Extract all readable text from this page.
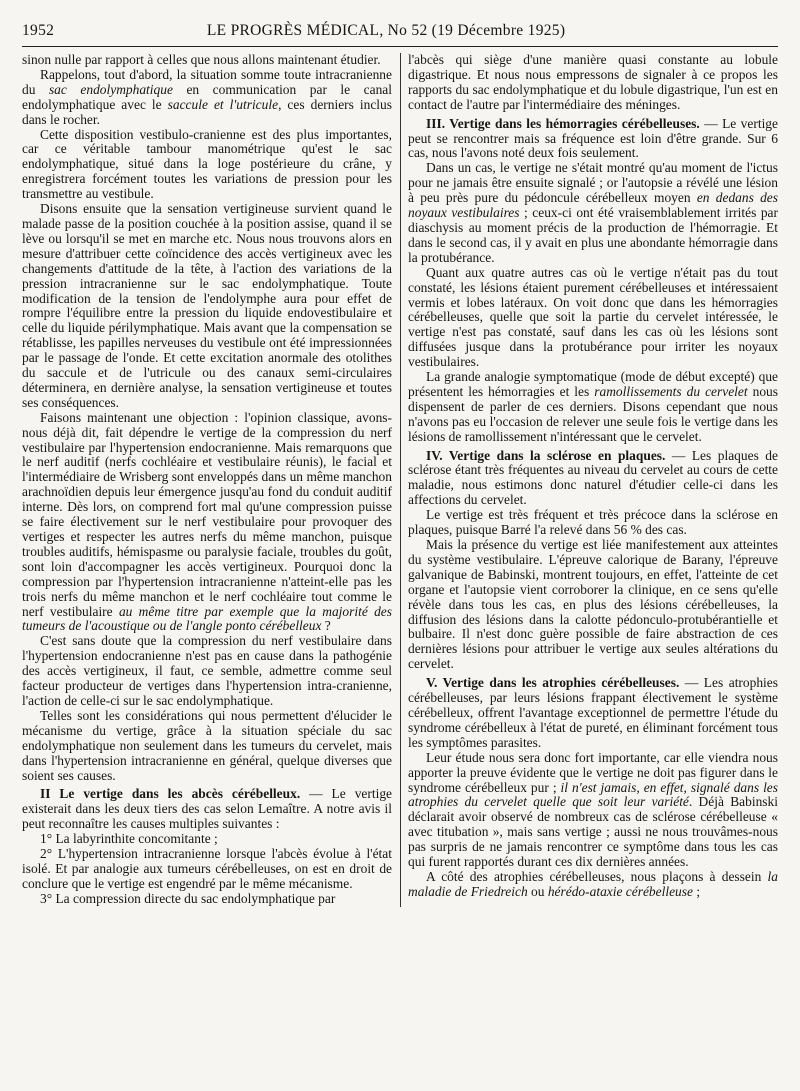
1952	LE PROGRÈS MÉDICAL, No 52 (19 Décembre 1925)

sinon nulle par rapport à celles que nous allons maintenant étudier.

Rappelons, tout d'abord, la situation somme toute intracranienne du sac endolymphatique en communication par le canal endolymphatique avec le saccule et l'utricule, ces derniers inclus dans le rocher.

Cette disposition vestibulo-cranienne est des plus importantes, car ce véritable tambour manométrique qu'est le sac endolymphatique, situé dans la loge postérieure du crâne, y enregistrera forcément toutes les variations de pression pour les transmettre au vestibule.

Disons ensuite que la sensation vertigineuse survient quand le malade passe de la position couchée à la position assise, quand il se lève ou lorsqu'il se met en marche etc. Nous nous trouvons alors en mesure d'attribuer cette coïncidence des accès vertigineux avec les changements d'attitude de la tête, à l'action des variations de la pression intracranienne sur le sac endolymphatique. Toute modification de la tension de l'endolymphe aura pour effet de rompre l'équilibre entre la pression du liquide endovestibulaire et celle du liquide périlymphatique. Mais avant que la compensation se rétablisse, les papilles nerveuses du vestibule ont été impressionnées par le passage de l'onde. Et cette excitation anormale des otolithes du saccule et de l'utricule ou des canaux semi-circulaires déterminera, en dernière analyse, la sensation vertigineuse et toutes ses conséquences.

Faisons maintenant une objection : l'opinion classique, avons-nous déjà dit, fait dépendre le vertige de la compression du nerf vestibulaire par l'hypertension endocranienne. Mais remarquons que le nerf auditif (nerfs cochléaire et vestibulaire réunis), le facial et l'intermédiaire de Wrisberg sont enveloppés dans un même manchon arachnoïdien depuis leur émergence jusqu'au fond du conduit auditif interne. Dès lors, on comprend fort mal qu'une compression puisse se faire électivement sur le nerf vestibulaire pour provoquer des vertiges et respecter les autres nerfs du même manchon, puisque troubles auditifs, hémispasme ou paralysie faciale, troubles du goût, sont loin d'accompagner les accès vertigineux. Pourquoi donc la compression par l'hypertension intracranienne n'atteint-elle pas les trois nerfs du même manchon et le nerf cochléaire tout comme le nerf vestibulaire au même titre par exemple que la majorité des tumeurs de l'acoustique ou de l'angle ponto cérébelleux ?

C'est sans doute que la compression du nerf vestibulaire dans l'hypertension endocranienne n'est pas en cause dans la pathogénie des accès vertigineux, il faut, ce semble, admettre comme seul facteur producteur de vertiges dans l'hypertension intra-cranienne, l'action de celle-ci sur le sac endolymphatique.

Telles sont les considérations qui nous permettent d'élucider le mécanisme du vertige, grâce à la situation spéciale du sac endolymphatique non seulement dans les tumeurs du cervelet, mais dans l'hypertension intracranienne en général, quelque diverses que soient ses causes.

II Le vertige dans les abcès cérébelleux. — Le vertige existerait dans les deux tiers des cas selon Lemaître. A notre avis il peut reconnaître les causes multiples suivantes :

1° La labyrinthite concomitante ;

2° L'hypertension intracranienne lorsque l'abcès évolue à l'état isolé. Et par analogie aux tumeurs cérébelleuses, on est en droit de conclure que le vertige est engendré par le même mécanisme.

3° La compression directe du sac endolymphatique par

l'abcès qui siège d'une manière quasi constante au lobule digastrique. Et nous nous empressons de signaler à ce propos les rapports du sac endolymphatique et du lobule digastrique, l'un est en contact de l'autre par l'intermédiaire des méninges.

III. Vertige dans les hémorragies cérébelleuses. — Le vertige peut se rencontrer mais sa fréquence est loin d'être grande. Sur 6 cas, nous l'avons noté deux fois seulement.

Dans un cas, le vertige ne s'était montré qu'au moment de l'ictus pour ne jamais être ensuite signalé ; or l'autopsie a révélé une lésion à peu près pure du pédoncule cérébelleux moyen en dedans des noyaux vestibulaires ; ceux-ci ont été vraisemblablement irrités par diaschysis au moment précis de la production de l'hémorragie. Et dans le second cas, il y avait en plus une abondante hémorragie dans la protubérance.

Quant aux quatre autres cas où le vertige n'était pas du tout constaté, les lésions étaient purement cérébelleuses et intéressaient vermis et lobes latéraux. On voit donc que dans les hémorragies cérébelleuses, quelle que soit la partie du cervelet intéressée, le vertige n'est pas constaté, sauf dans les cas où les lésions sont diffusées jusque dans la protubérance pour irriter les noyaux vestibulaires.

La grande analogie symptomatique (mode de début excepté) que présentent les hémorragies et les ramollissements du cervelet nous dispensent de parler de ces derniers. Disons cependant que nous n'avons pas eu l'occasion de relever une seule fois le vertige dans les lésions de ramollissement n'intéressant que le cervelet.

IV. Vertige dans la sclérose en plaques. — Les plaques de sclérose étant très fréquentes au niveau du cervelet au cours de cette maladie, nous estimons donc naturel d'étudier celle-ci dans les affections du cervelet.

Le vertige est très fréquent et très précoce dans la sclérose en plaques, puisque Barré l'a relevé dans 56 % des cas.

Mais la présence du vertige est liée manifestement aux atteintes du système vestibulaire. L'épreuve calorique de Barany, l'épreuve galvanique de Babinski, montrent toujours, en effet, l'atteinte de cet organe et l'autopsie vient corroborer la clinique, en ce sens qu'elle révèle dans tous les cas, en plus des lésions cérébelleuses, la diffusion des lésions dans la calotte pédonculo-protubérantielle et bulbaire. Il n'est donc guère possible de faire abstraction de ces dernières lésions pour attribuer le vertige aux seules altérations du cervelet.

V. Vertige dans les atrophies cérébelleuses. — Les atrophies cérébelleuses, par leurs lésions frappant électivement le système cérébelleux, offrent l'avantage exceptionnel de permettre l'étude du syndrome cérébelleux à l'état de pureté, en éliminant forcément tous les symptômes parasites.

Leur étude nous sera donc fort importante, car elle viendra nous apporter la preuve évidente que le vertige ne doit pas figurer dans le syndrome cérébelleux pur ; il n'est jamais, en effet, signalé dans les atrophies du cervelet quelle que soit leur variété. Déjà Babinski déclarait avoir observé de nombreux cas de sclérose cérébelleuse « avec titubation », mais sans vertige ; aussi ne nous trouvâmes-nous pas surpris de ne jamais rencontrer ce symptôme dans tous les cas qui furent rapportés durant ces dix dernières années.

A côté des atrophies cérébelleuses, nous plaçons à dessein la maladie de Friedreich ou hérédo-ataxie cérébelleuse ;
